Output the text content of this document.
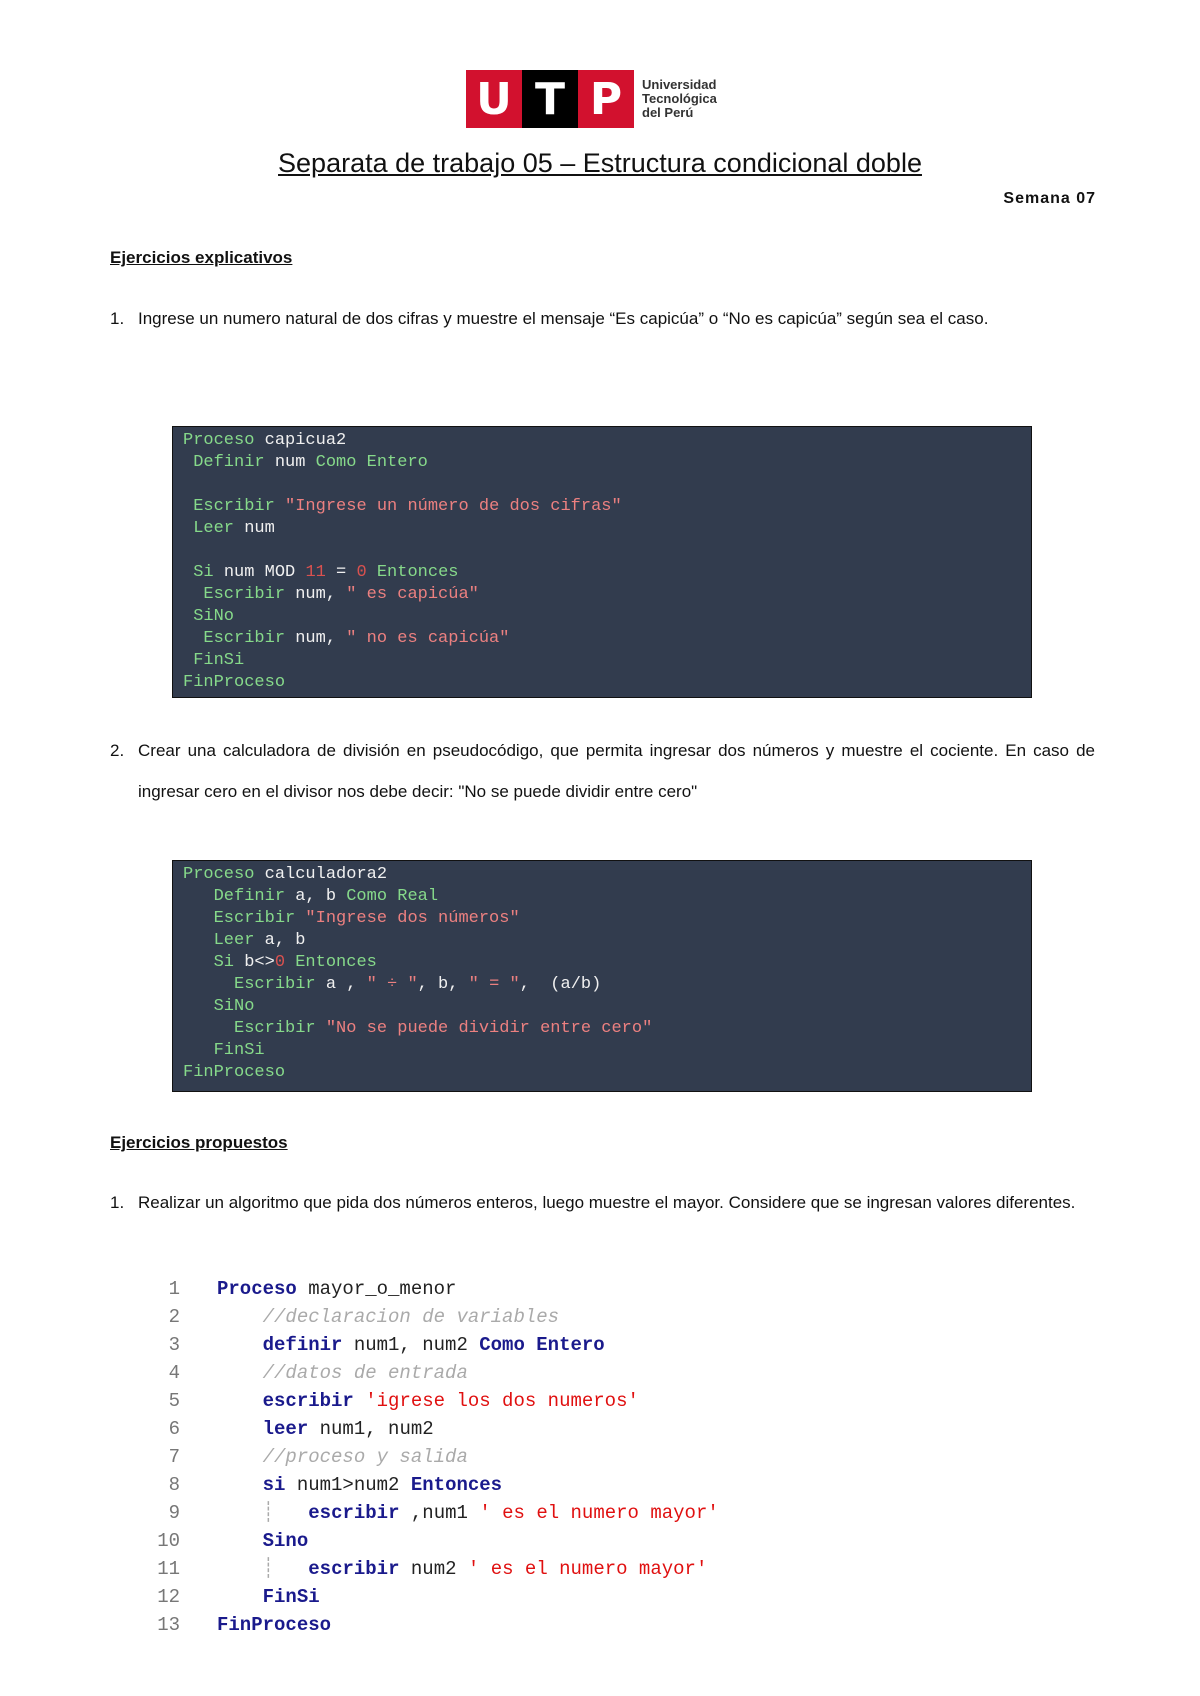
U T P	Universidad
Tecnológica
del Perú
Separata de trabajo 05 – Estructura condicional doble
Semana 07
Ejercicios explicativos
1. Ingrese un numero natural de dos cifras y muestre el mensaje “Es capicúa” o “No es capicúa” según sea el caso.
Proceso capicua2
Definir num Como Entero
Escribir "Ingrese un número de dos cifras"
Leer num
Si num MOD 11 = 0 Entonces
Escribir num, " es capicúa"
SiNo
Escribir num, " no es capicúa"
FinSi
FinProceso
2. Crear una calculadora de división en pseudocódigo, que permita ingresar dos números y muestre el cociente. En caso de ingresar cero en el divisor nos debe decir: "No se puede dividir entre cero"
Proceso calculadora2
Definir a, b Como Real
Escribir "Ingrese dos números"
Leer a, b
Si b<>0 Entonces
Escribir a , " ÷ ", b, " = ",  (a/b)
SiNo
Escribir "No se puede dividir entre cero"
FinSi
FinProceso
Ejercicios propuestos
1. Realizar un algoritmo que pida dos números enteros, luego muestre el mayor. Considere que se ingresan valores diferentes.
1 Proceso mayor_o_menor
2 //declaracion de variables
3 definir num1, num2 Como Entero
4 //datos de entrada
5 escribir 'igrese los dos numeros'
6 leer num1, num2
7 //proceso y salida
8 si num1>num2 Entonces
9 ┊   escribir ,num1 ' es el numero mayor'
10 Sino
11 ┊   escribir num2 ' es el numero mayor'
12 FinSi
13 FinProceso
